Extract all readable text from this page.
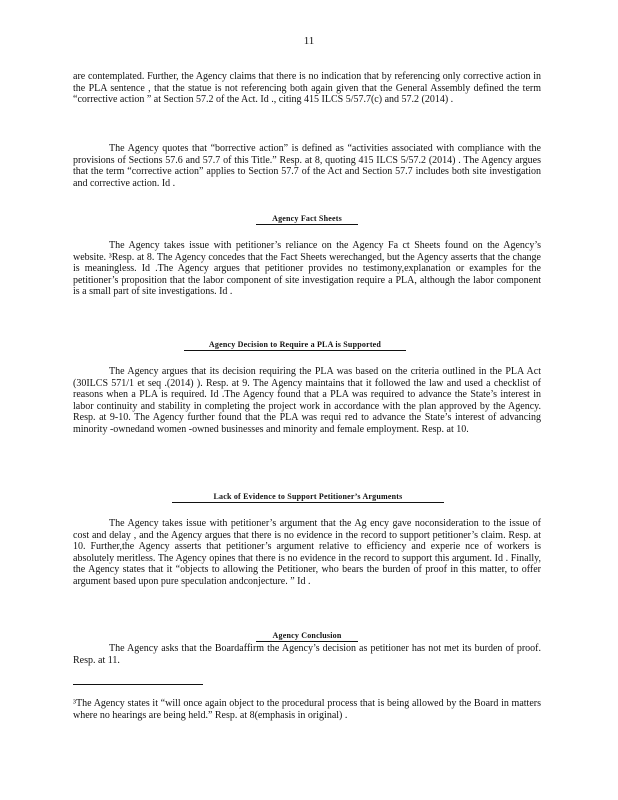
11

are contemplated. Further, the Agency claims that there is no indication that by referencing only corrective action in the PLA sentence , that the statue is not referencing both again given that the General Assembly defined the term “corrective action ” at Section 57.2 of the Act. Id ., citing 415 ILCS 5/57.7(c) and 57.2 (2014) .

The Agency quotes that “borrective action” is defined as “activities associated with compliance with the provisions of Sections 57.6 and 57.7 of this Title.” Resp. at 8, quoting 415 ILCS 5/57.2 (2014) . The Agency argues that the term “corrective action” applies to Section 57.7 of the Act and Section 57.7 includes both site investigation and corrective action. Id .

Agency Fact Sheets

The Agency takes issue with petitioner’s reliance on the Agency Fa ct Sheets found on the Agency’s website. ³Resp. at 8. The Agency concedes that the Fact Sheets werechanged, but the Agency asserts that the change is meaningless. Id .The Agency argues that petitioner provides no testimony,explanation or examples for the petitioner’s proposition that the labor component of site investigation require a PLA, although the labor component is a small part of site investigations. Id .

Agency Decision to Require a PLA is Supported

The Agency argues that its decision requiring the PLA was based on the criteria outlined in the PLA Act (30ILCS 571/1 et seq .(2014) ). Resp. at 9. The Agency maintains that it followed the law and used a checklist of reasons when a PLA is required. Id .The Agency found that a PLA was required to advance the State’s interest in labor continuity and stability in completing the project work in accordance with the plan approved by the Agency. Resp. at 9-10. The Agency further found that the PLA was requi red to advance the State’s interest of advancing minority -ownedand women -owned businesses and minority and female employment. Resp. at 10.

Lack of Evidence to Support Petitioner’s Arguments

The Agency takes issue with petitioner’s argument that the Ag ency gave noconsideration to the issue of cost and delay , and the Agency argues that there is no evidence in the record to support petitioner’s claim. Resp. at 10. Further,the Agency asserts that petitioner’s argument relative to efficiency and experie nce of workers is absolutely meritless. The Agency opines that there is no evidence in the record to support this argument. Id . Finally, the Agency states that it “objects to allowing the Petitioner, who bears the burden of proof in this matter, to offer argument based upon pure speculation andconjecture. ” Id .

Agency Conclusion

The Agency asks that the Boardaffirm the Agency’s decision as petitioner has not met its burden of proof. Resp. at 11.

³The Agency states it “will once again object to the procedural process that is being allowed by the Board in matters where no hearings are being held.” Resp. at 8(emphasis in original) .
